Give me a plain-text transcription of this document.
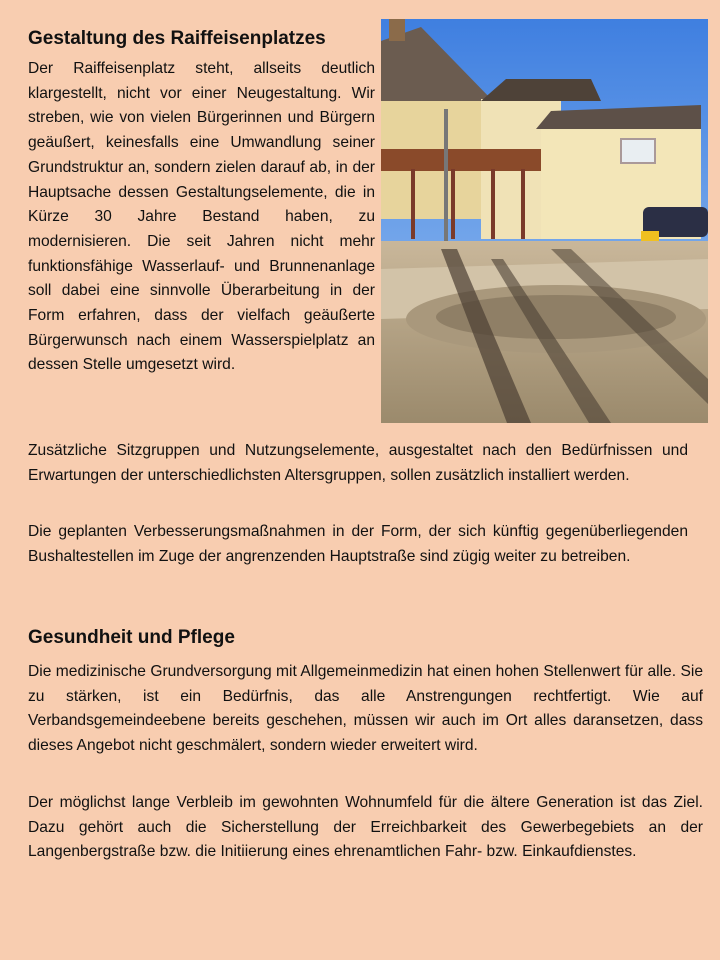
Gestaltung des Raiffeisenplatzes

Der Raiffeisenplatz steht, allseits deutlich klargestellt, nicht vor einer Neugestaltung. Wir streben, wie von vielen Bürgerinnen und Bürgern geäußert, keinesfalls eine Umwandlung seiner Grundstruktur an, sondern zielen darauf ab, in der Hauptsache dessen Gestaltungselemente, die in Kürze 30 Jahre Bestand haben, zu modernisieren. Die seit Jahren nicht mehr funktionsfähige Wasserlauf- und Brunnenanlage soll dabei eine sinnvolle Überarbeitung in der Form erfahren, dass der vielfach geäußerte Bürgerwunsch nach einem Wasserspielplatz an dessen Stelle umgesetzt wird.

Zusätzliche Sitzgruppen und Nutzungselemente, ausgestaltet nach den Bedürfnissen und Erwartungen der unterschiedlichsten Altersgruppen, sollen zusätzlich installiert werden.

Die geplanten Verbesserungsmaßnahmen in der Form, der sich künftig gegenüberliegenden Bushaltestellen im Zuge der angrenzenden Hauptstraße sind zügig weiter zu betreiben.

Gesundheit und Pflege

Die medizinische Grundversorgung mit Allgemeinmedizin hat einen hohen Stellenwert für alle. Sie zu stärken, ist ein Bedürfnis, das alle Anstrengungen rechtfertigt. Wie auf Verbandsgemeindeebene bereits geschehen, müssen wir auch im Ort alles daransetzen, dass dieses Angebot nicht geschmälert, sondern wieder erweitert wird.

Der möglichst lange Verbleib im gewohnten Wohnumfeld für die ältere Generation ist das Ziel. Dazu gehört auch die Sicherstellung der Erreichbarkeit des Gewerbegebiets an der Langenbergstraße bzw. die Initiierung eines ehrenamtlichen Fahr- bzw. Einkaufdienstes.
